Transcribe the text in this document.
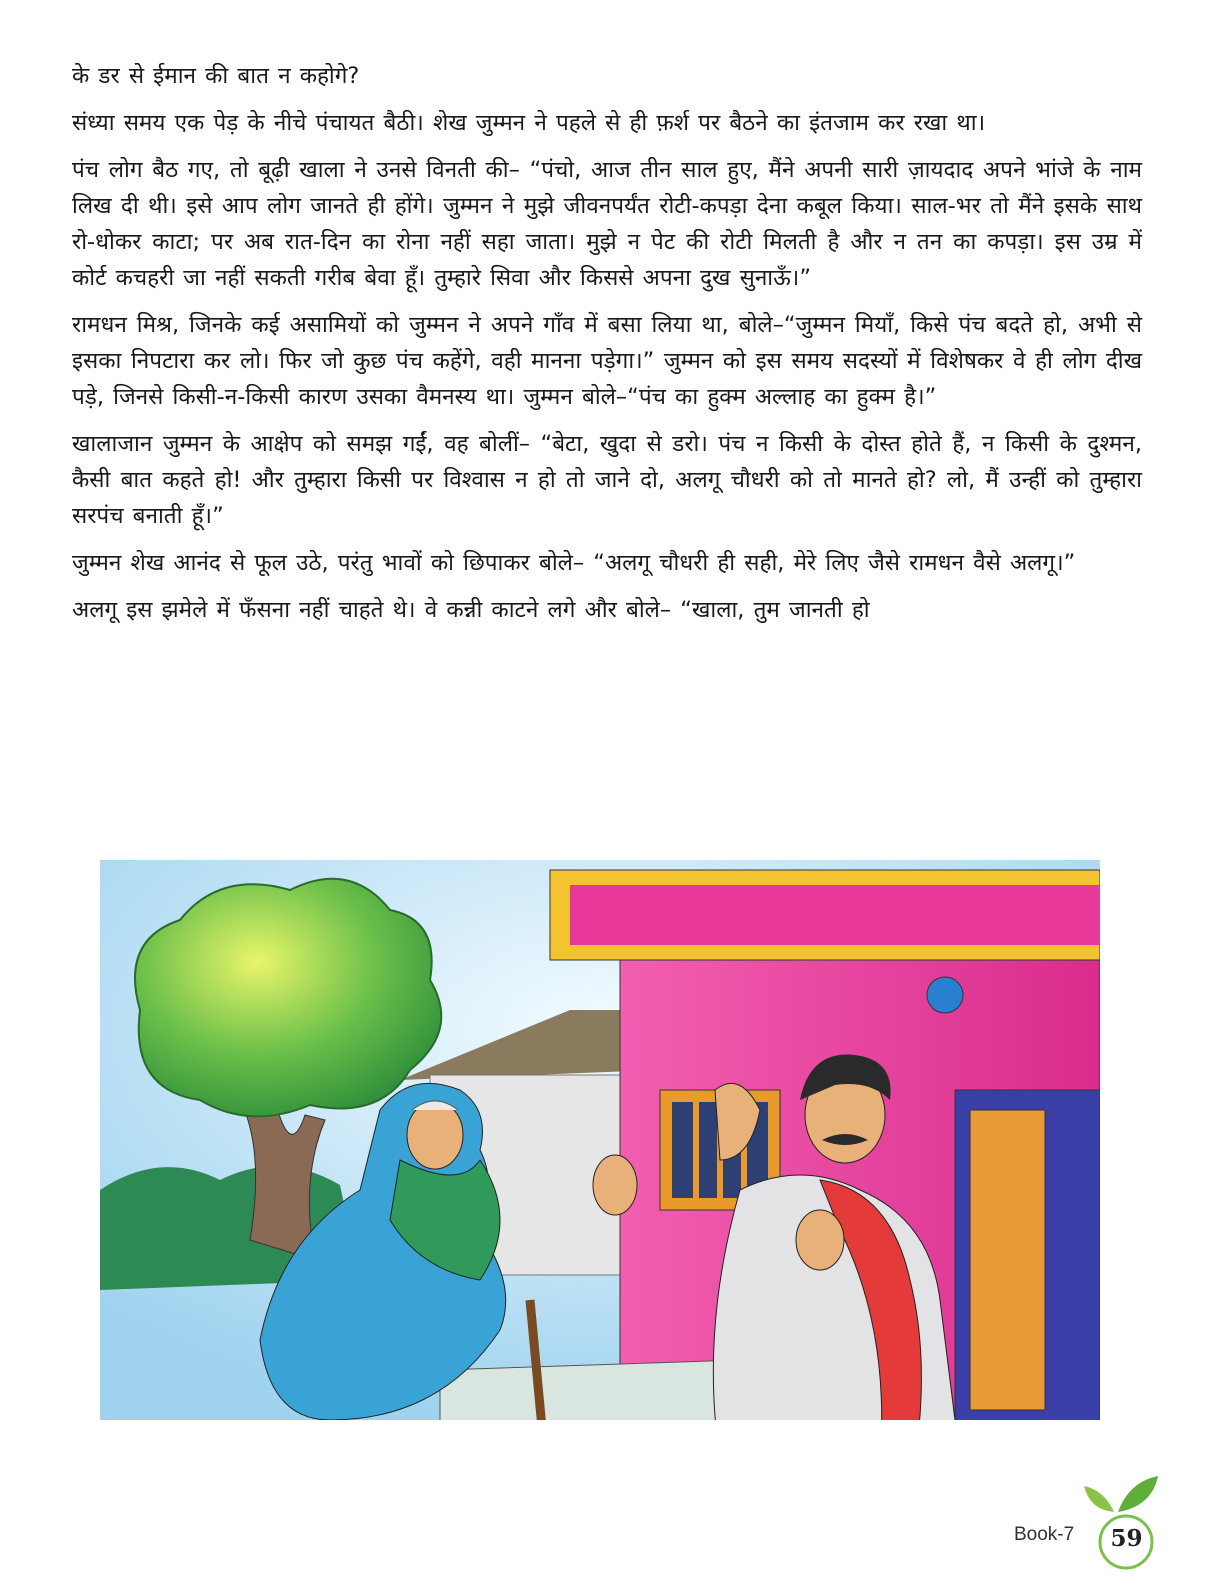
के डर से ईमान की बात न कहोगे?

संध्या समय एक पेड़ के नीचे पंचायत बैठी। शेख जुम्मन ने पहले से ही फ़र्श पर बैठने का इंतजाम कर रखा था।

पंच लोग बैठ गए, तो बूढ़ी खाला ने उनसे विनती की– “पंचो, आज तीन साल हुए, मैंने अपनी सारी ज़ायदाद अपने भांजे के नाम लिख दी थी। इसे आप लोग जानते ही होंगे। जुम्मन ने मुझे जीवनपर्यंत रोटी-कपड़ा देना कबूल किया। साल-भर तो मैंने इसके साथ रो-धोकर काटा; पर अब रात-दिन का रोना नहीं सहा जाता। मुझे न पेट की रोटी मिलती है और न तन का कपड़ा। इस उम्र में कोर्ट कचहरी जा नहीं सकती गरीब बेवा हूँ। तुम्हारे सिवा और किससे अपना दुख सुनाऊँ।”

रामधन मिश्र, जिनके कई असामियों को जुम्मन ने अपने गाँव में बसा लिया था, बोले–“जुम्मन मियाँ, किसे पंच बदते हो, अभी से इसका निपटारा कर लो। फिर जो कुछ पंच कहेंगे, वही मानना पड़ेगा।” जुम्मन को इस समय सदस्यों में विशेषकर वे ही लोग दीख पड़े, जिनसे किसी-न-किसी कारण उसका वैमनस्य था। जुम्मन बोले–“पंच का हुक्म अल्लाह का हुक्म है।”

खालाजान जुम्मन के आक्षेप को समझ गईं, वह बोलीं– “बेटा, खुदा से डरो। पंच न किसी के दोस्त होते हैं, न किसी के दुश्मन, कैसी बात कहते हो! और तुम्हारा किसी पर विश्वास न हो तो जाने दो, अलगू चौधरी को तो मानते हो? लो, मैं उन्हीं को तुम्हारा सरपंच बनाती हूँ।”

जुम्मन शेख आनंद से फूल उठे, परंतु भावों को छिपाकर बोले– “अलगू चौधरी ही सही, मेरे लिए जैसे रामधन वैसे अलगू।”

अलगू इस झमेले में फँसना नहीं चाहते थे। वे कन्नी काटने लगे और बोले– “खाला, तुम जानती हो

Book-7 59
